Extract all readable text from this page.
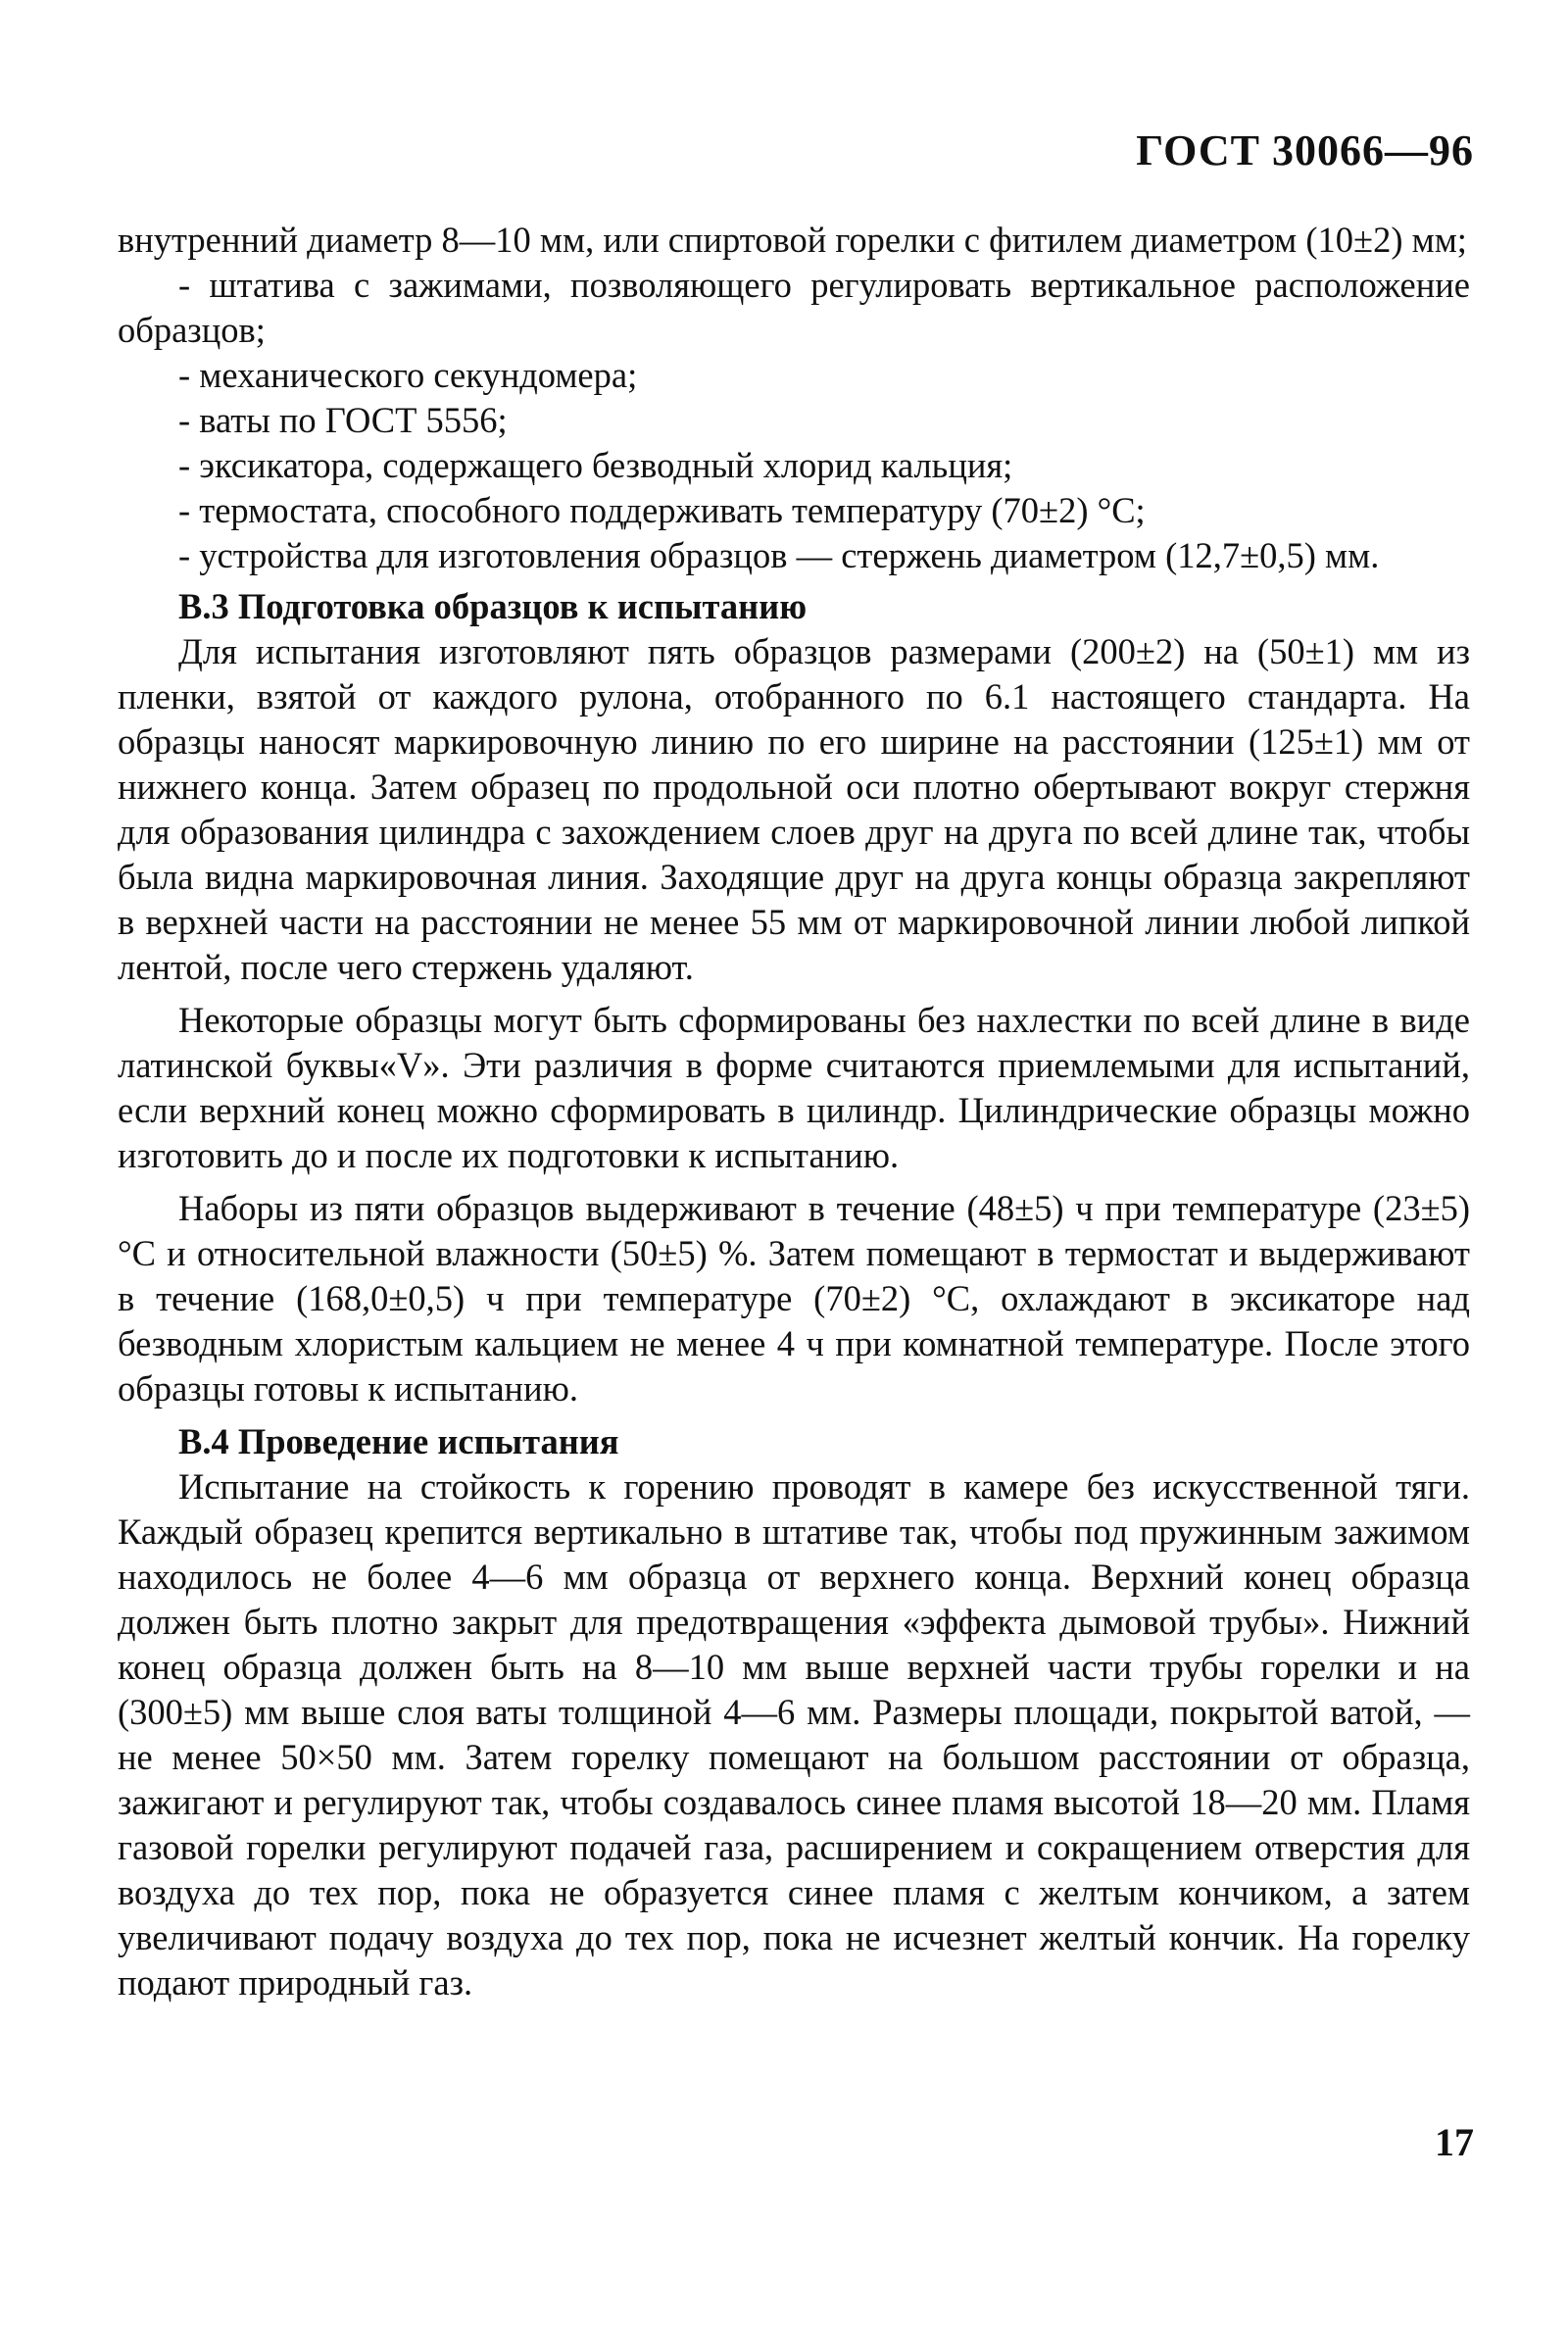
ГОСТ 30066—96

внутренний диаметр 8—10 мм, или спиртовой горелки с фитилем диаметром (10±2) мм;

- штатива с зажимами, позволяющего регулировать вертикальное расположение образцов;

- механического секундомера;

- ваты по ГОСТ 5556;

- эксикатора, содержащего безводный хлорид кальция;

- термостата, способного поддерживать температуру (70±2) °С;

- устройства для изготовления образцов — стержень диаметром (12,7±0,5) мм.

В.3 Подготовка образцов к испытанию

Для испытания изготовляют пять образцов размерами (200±2) на (50±1) мм из пленки, взятой от каждого рулона, отобранного по 6.1 настоящего стандарта. На образцы наносят маркировочную линию по его ширине на расстоянии (125±1) мм от нижнего конца. Затем образец по продольной оси плотно обертывают вокруг стержня для образования цилиндра с захождением слоев друг на друга по всей длине так, чтобы была видна маркировочная линия. Заходящие друг на друга концы образца закрепляют в верхней части на расстоянии не менее 55 мм от маркировочной линии любой липкой лентой, после чего стержень удаляют.

Некоторые образцы могут быть сформированы без нахлестки по всей длине в виде латинской буквы«V». Эти различия в форме считаются приемлемыми для испытаний, если верхний конец можно сформировать в цилиндр. Цилиндрические образцы можно изготовить до и после их подготовки к испытанию.

Наборы из пяти образцов выдерживают в течение (48±5) ч при температуре (23±5) °С и относительной влажности (50±5) %. Затем помещают в термостат и выдерживают в течение (168,0±0,5) ч при температуре (70±2) °С, охлаждают в эксикаторе над безводным хлористым кальцием не менее 4 ч при комнатной температуре. После этого образцы готовы к испытанию.

В.4 Проведение испытания

Испытание на стойкость к горению проводят в камере без искусственной тяги. Каждый образец крепится вертикально в штативе так, чтобы под пружинным зажимом находилось не более 4—6 мм образца от верхнего конца. Верхний конец образца должен быть плотно закрыт для предотвращения «эффекта дымовой трубы». Нижний конец образца должен быть на 8—10 мм выше верхней части трубы горелки и на (300±5) мм выше слоя ваты толщиной 4—6 мм. Размеры площади, покрытой ватой, — не менее 50×50 мм. Затем горелку помещают на большом расстоянии от образца, зажигают и регулируют так, чтобы создавалось синее пламя высотой 18—20 мм. Пламя газовой горелки регулируют подачей газа, расширением и сокращением отверстия для воздуха до тех пор, пока не образуется синее пламя с желтым кончиком, а затем увеличивают подачу воздуха до тех пор, пока не исчезнет желтый кончик. На горелку подают природный газ.

17
